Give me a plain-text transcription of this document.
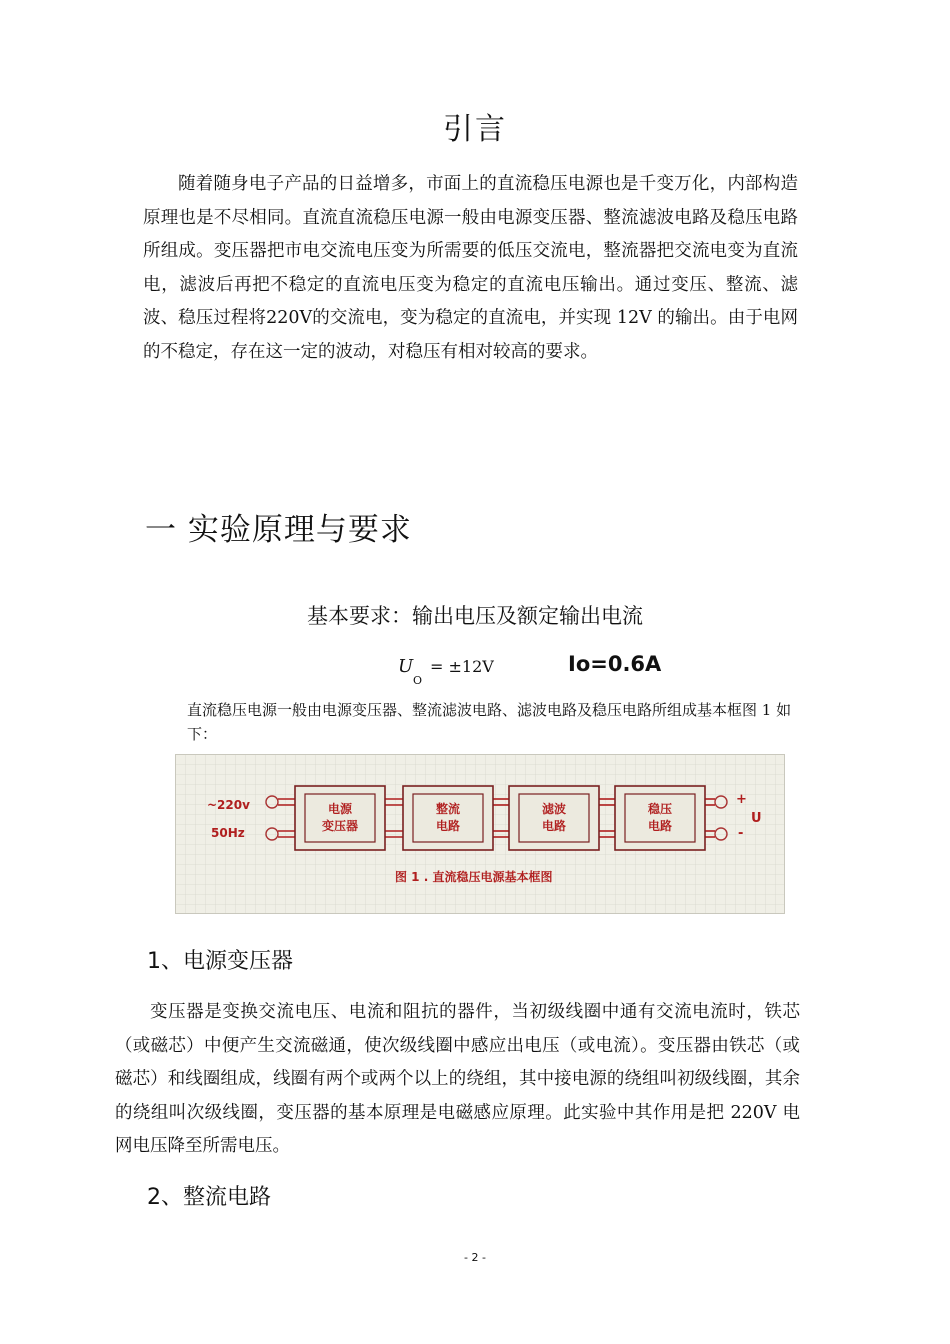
引言
随着随身电子产品的日益增多，市面上的直流稳压电源也是千变万化，内部构造原理也是不尽相同。直流直流稳压电源一般由电源变压器、整流滤波电路及稳压电路所组成。变压器把市电交流电压变为所需要的低压交流电，整流器把交流电变为直流电，滤波后再把不稳定的直流电压变为稳定的直流电压输出。通过变压、整流、滤波、稳压过程将220V的交流电，变为稳定的直流电，并实现 12V 的输出。由于电网的不稳定，存在这一定的波动，对稳压有相对较高的要求。
一 实验原理与要求
基本要求：输出电压及额定输出电流
U
O
= ±12V	Io=0.6A
直流稳压电源一般由电源变压器、整流滤波电路、滤波电路及稳压电路所组成基本框图 1 如下：
~220v
50Hz
电源
变压器
整流
电路
滤波
电路
稳压
电路
+
-
U
图 1 . 直流稳压电源基本框图
1、电源变压器
变压器是变换交流电压、电流和阻抗的器件，当初级线圈中通有交流电流时，铁芯（或磁芯）中便产生交流磁通，使次级线圈中感应出电压（或电流）。变压器由铁芯（或磁芯）和线圈组成，线圈有两个或两个以上的绕组，其中接电源的绕组叫初级线圈，其余的绕组叫次级线圈，变压器的基本原理是电磁感应原理。此实验中其作用是把 220V 电网电压降至所需电压。
2、整流电路
- 2 -
